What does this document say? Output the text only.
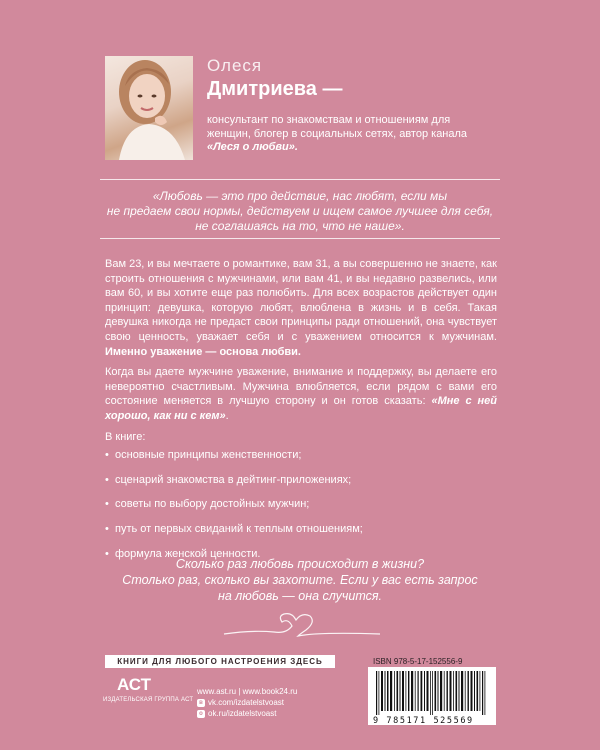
Олеся
Дмитриева —
консультант по знакомствам и отношениям для
женщин, блогер в социальных сетях, автор канала
«Леся о любви».
«Любовь — это про действие, нас любят, если мы
не предаем свои нормы, действуем и ищем самое лучшее для себя,
не соглашаясь на то, что не наше».

Вам 23, и вы мечтаете о романтике, вам 31, а вы совершенно не знаете, как строить отношения с мужчинами, или вам 41, и вы недавно развелись, или вам 60, и вы хотите еще раз полюбить. Для всех возрастов действует один принцип: девушка, которую любят, влюблена в жизнь и в себя. Такая девушка никогда не предаст свои принципы ради отношений, она чувствует свою ценность, уважает себя и с уважением относится к мужчинам. Именно уважение — основа любви.

Когда вы даете мужчине уважение, внимание и поддержку, вы делаете его невероятно счастливым. Мужчина влюбляется, если рядом с вами его состояние меняется в лучшую сторону и он готов сказать: «Мне с ней хорошо, как ни с кем».

В книге:
• основные принципы женственности;
• сценарий знакомства в дейтинг-приложениях;
• советы по выбору достойных мужчин;
• путь от первых свиданий к теплым отношениям;
• формула женской ценности.
Сколько раз любовь происходит в жизни?
Столько раз, сколько вы захотите. Если у вас есть запрос
на любовь — она случится.
КНИГИ ДЛЯ ЛЮБОГО НАСТРОЕНИЯ ЗДЕСЬ
АСТ
ИЗДАТЕЛЬСКАЯ ГРУППА АСТ
www.ast.ru | www.book24.ru
в vk.com/izdatelstvoast
о ok.ru/izdatelstvoast
ISBN 978-5-17-152556-9
9 785171 525569
